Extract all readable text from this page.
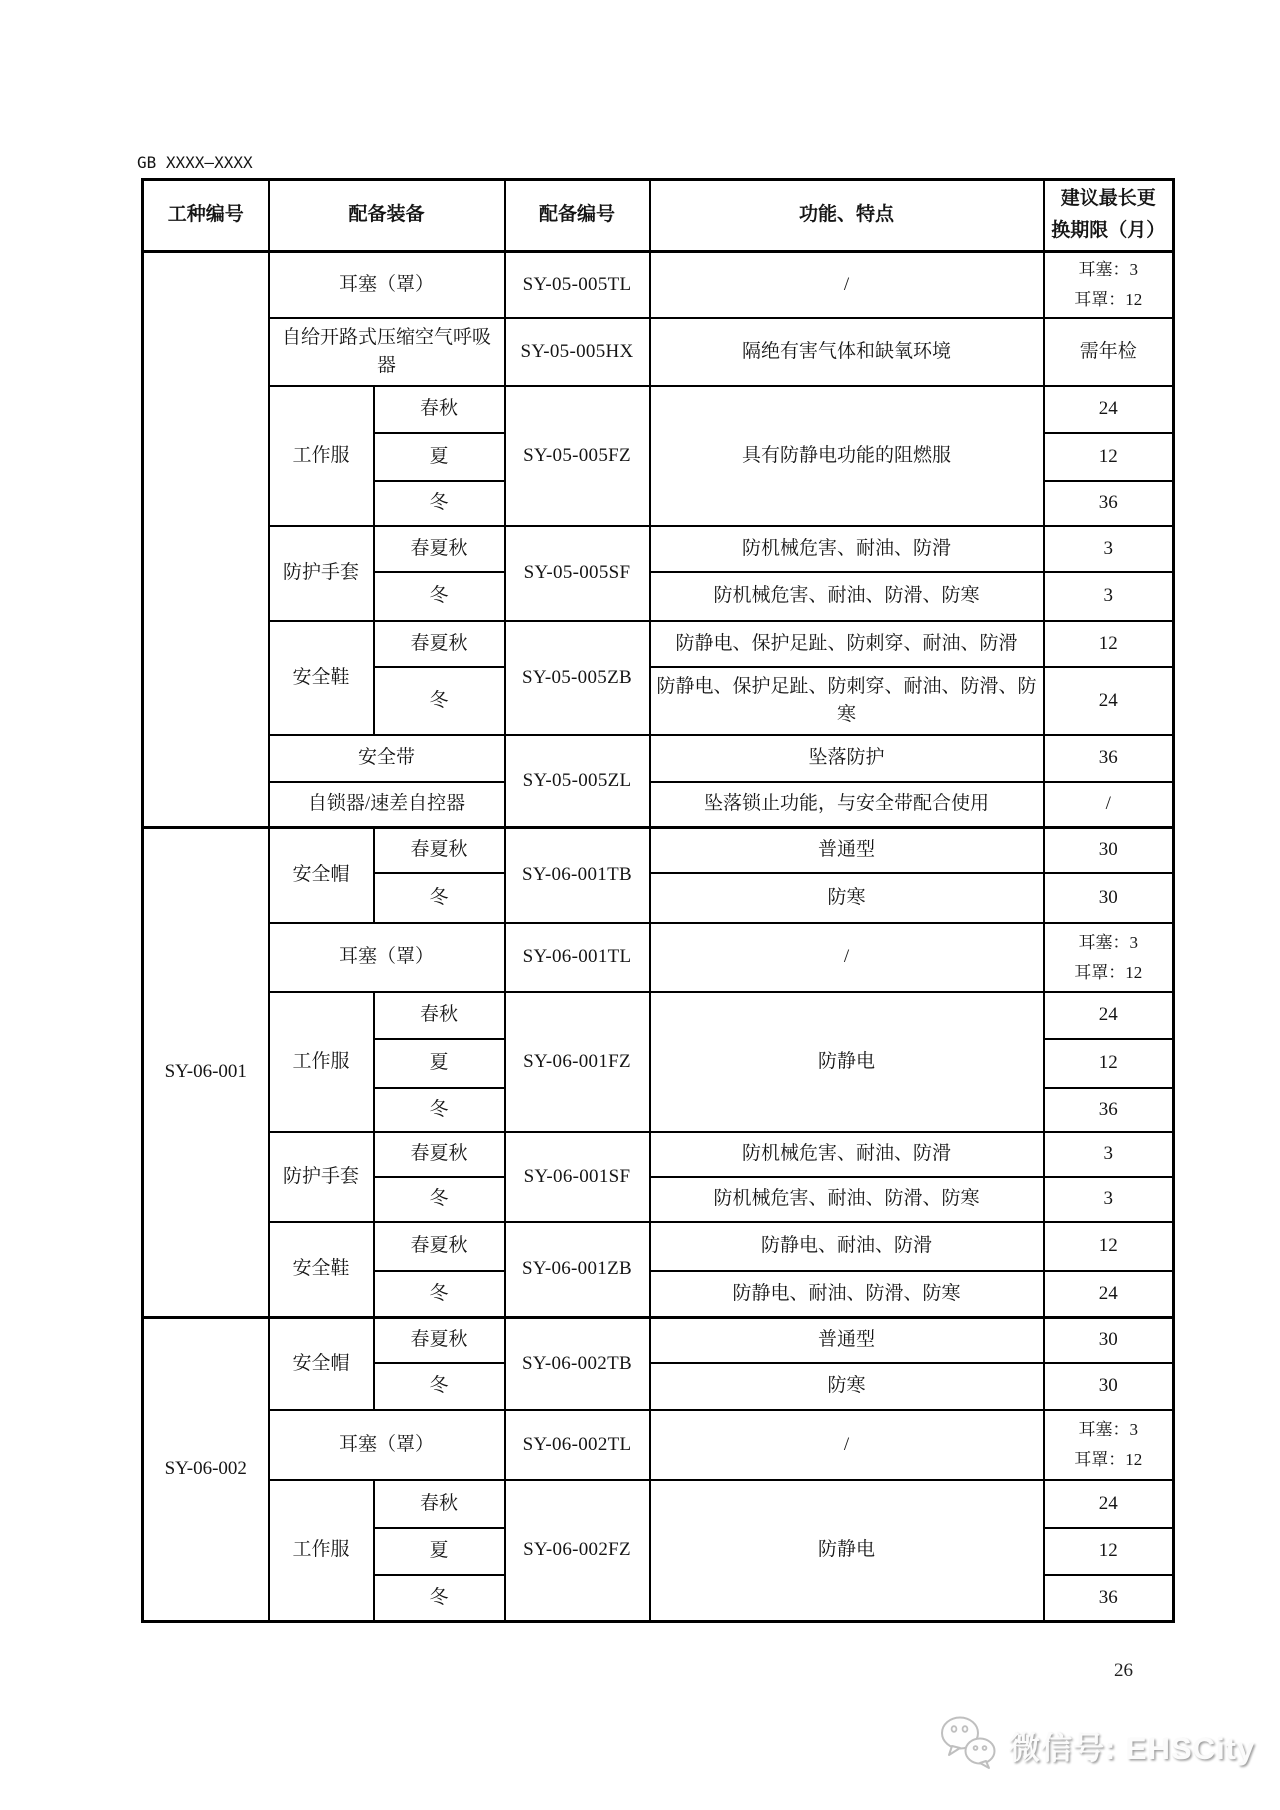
GB XXXX—XXXX
工种编号	配备装备		配备编号	功能、特点	建议最长更
换期限（月）

	耳塞（罩）		SY-05-005TL	/	耳塞：3
耳罩：12

	自给开路式压缩空气呼吸器		SY-05-005HX	隔绝有害气体和缺氧环境	需年检
	工作服	春秋	SY-05-005FZ	具有防静电功能的阻燃服	24
		夏			12
		冬			36
	防护手套	春夏秋	SY-05-005SF	防机械危害、耐油、防滑	3
		冬		防机械危害、耐油、防滑、防寒	3
	安全鞋	春夏秋	SY-05-005ZB	防静电、保护足趾、防刺穿、耐油、防滑	12
		冬		防静电、保护足趾、防刺穿、耐油、防滑、防寒	24
	安全带		SY-05-005ZL	坠落防护	36
	自锁器/速差自控器			坠落锁止功能，与安全带配合使用	/
SY-06-001	安全帽	春夏秋	SY-06-001TB	普通型	30
		冬		防寒	30
	耳塞（罩）		SY-06-001TL	/	耳塞：3
耳罩：12

	工作服	春秋	SY-06-001FZ	防静电	24
		夏			12
		冬			36
	防护手套	春夏秋	SY-06-001SF	防机械危害、耐油、防滑	3
		冬		防机械危害、耐油、防滑、防寒	3
	安全鞋	春夏秋	SY-06-001ZB	防静电、耐油、防滑	12
		冬		防静电、耐油、防滑、防寒	24
SY-06-002	安全帽	春夏秋	SY-06-002TB	普通型	30
		冬		防寒	30
	耳塞（罩）		SY-06-002TL	/	耳塞：3
耳罩：12

	工作服	春秋	SY-06-002FZ	防静电	24
		夏			12
		冬			36
26
微信号: EHSCity
